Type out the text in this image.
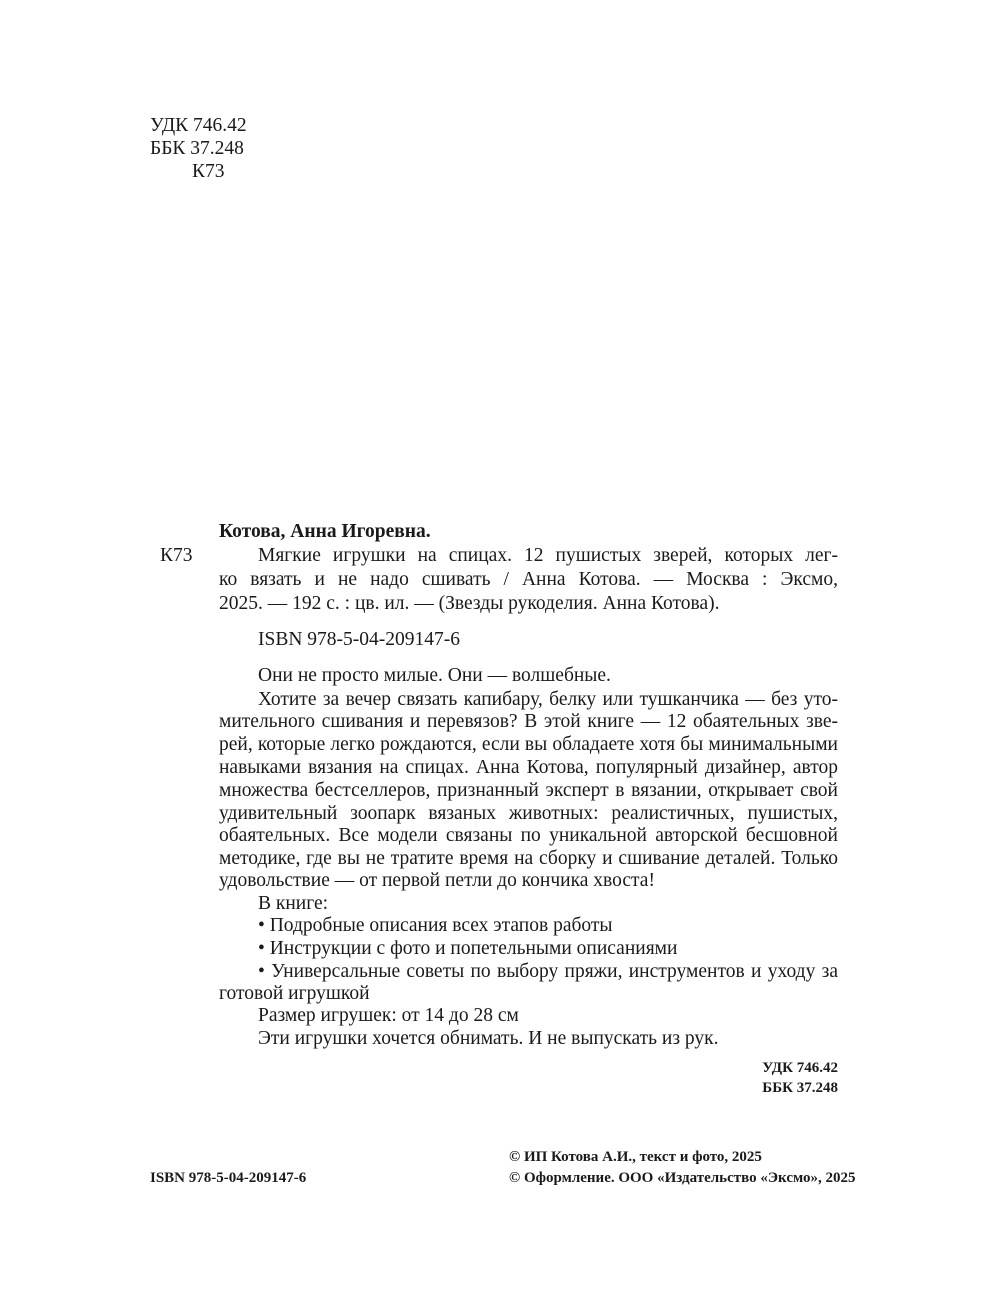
УДК 746.42
ББК 37.248
К73
Котова, Анна Игоревна.
К73	Мягкие игрушки на спицах. 12 пушистых зверей, которых лег-
ко вязать и не надо сшивать / Анна Котова. — Москва : Эксмо,
2025. — 192 с. : цв. ил. — (Звезды рукоделия. Анна Котова).
ISBN 978-5-04-209147-6
Они не просто милые. Они — волшебные.
Хотите за вечер связать капибару, белку или тушканчика — без уто-
мительного сшивания и перевязов? В этой книге — 12 обаятельных зве-
рей, которые легко рождаются, если вы обладаете хотя бы минимальными
навыками вязания на спицах. Анна Котова, популярный дизайнер, автор
множества бестселлеров, признанный эксперт в вязании, открывает свой
удивительный зоопарк вязаных животных: реалистичных, пушистых,
обаятельных. Все модели связаны по уникальной авторской бесшовной
методике, где вы не тратите время на сборку и сшивание деталей. Только
удовольствие — от первой петли до кончика хвоста!
В книге:
• Подробные описания всех этапов работы
• Инструкции с фото и попетельными описаниями
• Универсальные советы по выбору пряжи, инструментов и уходу за
готовой игрушкой
Размер игрушек: от 14 до 28 см
Эти игрушки хочется обнимать. И не выпускать из рук.
УДК 746.42
ББК 37.248
ISBN 978-5-04-209147-6
© ИП Котова А.И., текст и фото, 2025
© Оформление. ООО «Издательство «Эксмо», 2025
